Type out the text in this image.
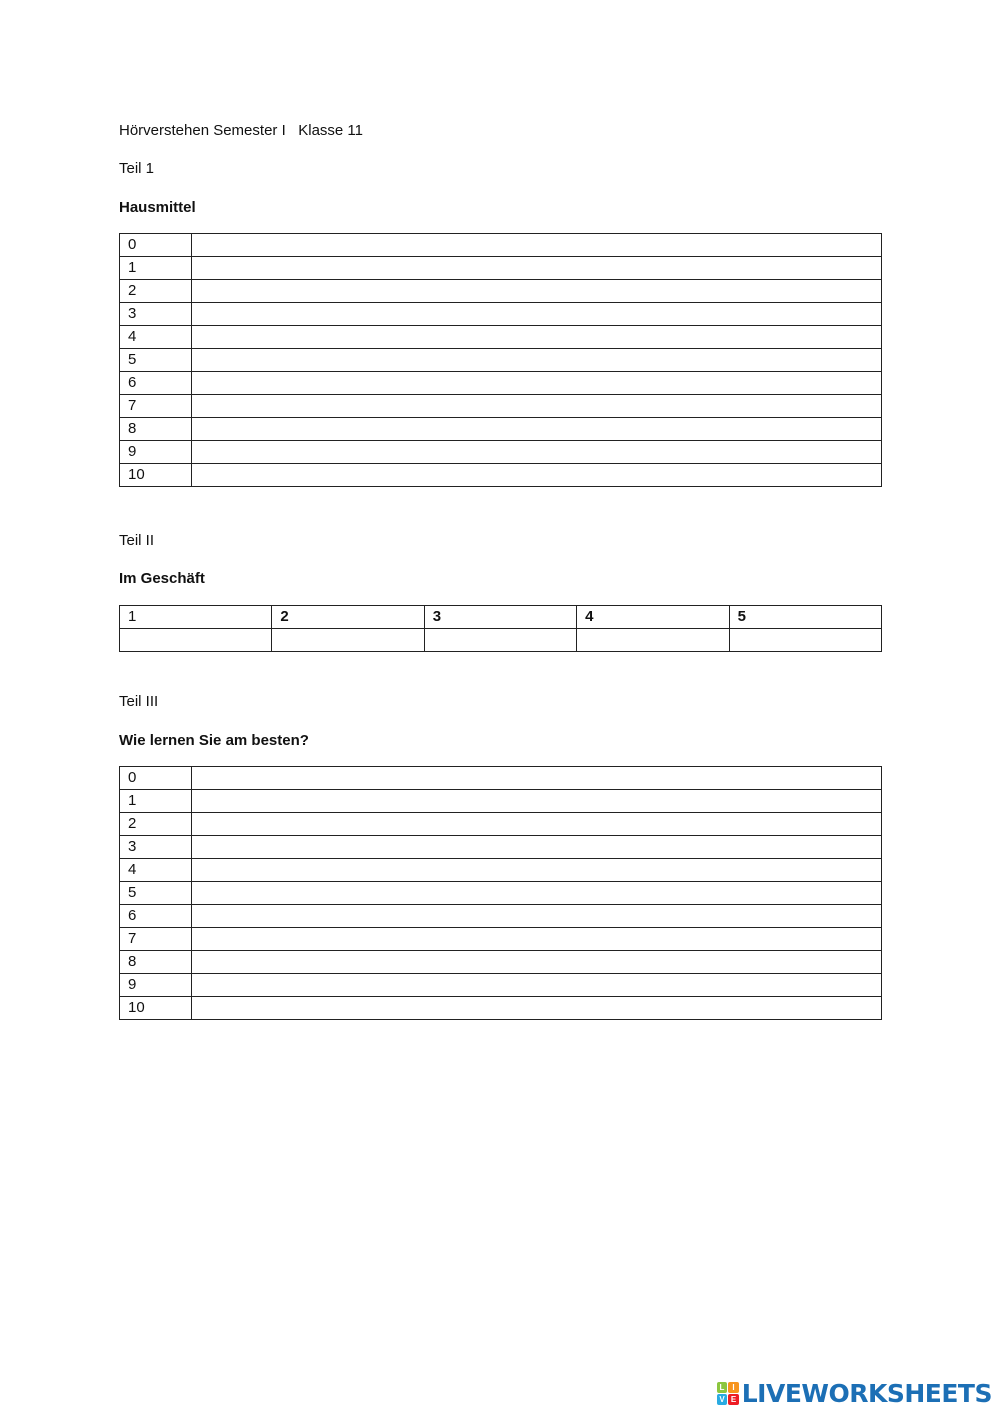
Hörverstehen Semester I   Klasse 11
Teil 1
Hausmittel
0	
1	
2	
3	
4	
5	
6	
7	
8	
9	
10	
Teil II
Im Geschäft
1	2	3	4	5

Teil III
Wie lernen Sie am besten?
0	
1	
2	
3	
4	
5	
6	
7	
8	
9	
10	
L I
V E LIVEWORKSHEETS
